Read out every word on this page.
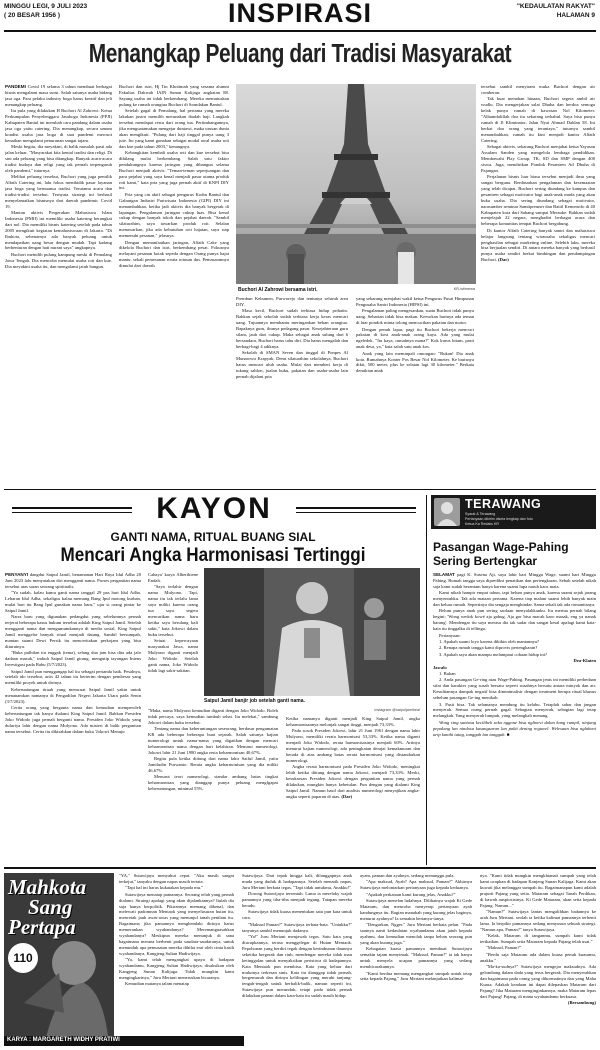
MINGGU LEGI, 9 JULI 2023
( 20 BESAR 1956 )	INSPIRASI	"KEDAULATAN RAKYAT"
HALAMAN 9
Menangkap Peluang dari Tradisi Masyarakat

PANDEMI Covid 19 selama 3 tahun membuat berbagai bisnis mengalami masa surut. Salah satunya usaha bidang jasa oga. Para pelaku industry boga harus kreatif dan jeli menangkap peluang.

Itu pula yang dilakukan H Buchori Al Zahrowi. Ketua Perkumpulan Penyelenggara Jasaboga Indonesia (PPJI) Kabupaten Bantul ini merubah cara pandang dalam usaha jasa oga yaitu catering. Dia menangkap, secara umum kondisi usaha jasa boga di saat pandemi merosot kenaikan mengalami penurunan sangat tajam.

Meski begitu, dia meyakini, di balik masalah pasti ada jalan keluar. "Masyarakat kita kental tradisi dan religi. Di sini ada peluang yang bisa ditangkap. Banyak acara-acara tradisi budaya dan religi yang tak pernah terpengaruh oleh pandemi," tuturnya.

Melihat peluang tersebut, Buchori yang juga pemilik Alfath Catering ini, lalu fokus membidik pasar layanan jasa boga yang bernuansa tradisi. Terutama acara dan tradisi-tradisi tersebut. Ternyata strategi ini berhasil menyelamatkan bisnisnya dari daerah pandemic Covid 19.

Mantan aktivis Pergerakan Mahasiswa Islam Indonesia (PMII) ini memiliki usaha katering berangkat dari nol. Dia memiliki bisnis katering setelah pada tahun 2005 mengikuti kegiatan kemahasiswaan di Jakarta. "Di Ibukota, sebenarnya ada banyak peluang untuk mendapatkan uang besar dengan mudah. Tapi kadang berbenturan dengan hati nurani saya" ungkapnya.

Buchori memilih pulang kampung meski di Pemalang Jawa Tengah. Dia mencoba memulai usaha roti dan kue. Dia meyakini usaha itu, dan mengalami jatuh bangun.

Buchori dan istri, Hj Tin Khotimah yang sesama alumni Fakultas Dakwah IAIN Sunan Kalijaga angkatan 88. Sayang usaha ini tidak berkembang. Mereka memutuskan pulang ke rumah orangtua Buchori di Srandakan Bantul.

Setelah gagal di Pemalang, hal pertama yang mereka lakukan justru memilih merunakan ibadah haji. Langkah tersebut mendapat restu dari orang tua. Pertimbangannya, jika menguatamakan mengejar duniawi, maka urusan dunia akan mengikuti. "Pulang dari haji tinggal punya uang 3 jute. Itu yang kami gunakan sebagai modal awal usaha roti dan kue pada tahun 2003," kenangnya.

Kebangkitan kembali usaha roti dan kue tersebut bisa dibilang mulai berkembang. Salah satu faktor pendukungnya karena jaringan yang dibangun selama Buchori menjadi aktivis. "Teman-teman seperjuangan dan para pejabat yang saya kenal menjadi pasar utama produk roti kami," kata pria yang juga pernah aktif di KNPI DIY ini.

Pria yang cin aktif sebagai pengurus Kodin Bantul dan Gabungan Industri Pariwisata Indonesia (GIPI) DIY ini menambahkan, ketika jadi aktivis dia banyak bergerak di lapangan. Pengalaman jaringan cukup luas. Bisa kenal cukup dengan banyak tokoh dan pejabat daerah. "Sambil silaturahim, saya tawarkan produk roti. Selalan menawarkan, jika ada kebutuhan roti hajatan, saya siap memenuhi pesanan," jelasnya.

Dengan memanfaatkan jaringan, Alfath Cake yang dikelola Buchori dan istri, berkembang pesat. Fokusnya melayani pesanan kotak sepeda dengan Orang punya hajat mantu, sekali pemesanan rorata rotusan dus. Pemasarannya dimulai dari daerah

Buchori Al Zahrowi bersama istri.	KR-istimewa

Prembun Kebumen, Purworejo dan tentunya seluruh area DIY.

Masa kecil, Buchori sudah terbiasa hidup prihatin. Bahkan sejak sekolah sudah terbiasa kerja keras mencari uang. Tujuannya membantu meringankan beban orangtua. Bapaknya guru, ibunya pedagang pasar. Kesejahteraan guru silam, jauh dari cukup. Maka sebagai anak sulung dari 6 bersaudara, Buchori harus tahu diri. Dia harus mengalah dan berbagi-bagi 4 adiknya.

Sekolah di SMAN Seven dan tinggal di Ponpes Al Munawwir Krapyak. Demi silaturahim sekolahnya, Buchori harus mencari uluh usaha. Mulai dari memberi kerja di tukang sablon, jualan buku, pakaian dan usaha-usaha lain pernah dijalani pria

yang sekarang menjabat wakil ketua Pengurus Pusat Himpunan Pengusaha Santri Indonesia (HIPSI) ini.

Pengalaman paling mengesankan, suatu Buchori tidak punya uang. Seharian tidak bisa makan. Keesokan harinya ada teman di luar pondok minta tolong mencucikan pakaian dan motor.

Dengan penuh lapar, pagi itu Buchori bekerja mencuci pakaian di kost anak-anak orang kaya. Ada yang mulai ngeledek. "Itu kaya, rumahnya mana?" Kok kurus hitam, pasti anak desa, ya," kata salah satu anak kos.

Anak yang lain meminpali omongan: "Bukan! Dia anak kota. Rumahnya Konter Pos Besar Nol Kilometer. Ke barisnya dikit, 500 meter, plus ke selatan lagi 30 kilometer." Berkata demikian anak

tersebut sambil menyiram muka Buchori dengan air comberan.

Tak kuat menahan hinaan, Buchori segera ambil air wudlu. Dia mengerjakan salat Dhuha dan berdoa semoga kelak punya rumah di kawasan Nol Kilometer. "Alhamdulillah doa itu sekarang terkabul. Saya bisa punya rumah di Jl Kliminator, Jalan Nyai Ahmad Dahlan 58. Ini berkat doa orang yang teraniaya," tuturnya sambil menambahkan, rumah itu kini menjadi kantor Alfath Catering.

Sebagai aktivis, sekarang Buchori menjabat ketua Yayasan Assalam Sanden yang mengelola lembaga pendidikan. Membawahi Play Group, TK, SD dan SMP dengan 400 siswa. Juga, mendirikan Pondok Pesantren Ad Dhuha di Pajangan.

Perjalanan bisnis luar biasa tersebut menjadi ilmu yang sangat berguna. Berdasarkan pengalaman dan kesemaatan yang telah dicapai, Buchori sering diundang ke kampus dan pesantren sebagai motivator bagi anak-anak muda yang akan buka usaha. Dia sering diundang sebagai motivator, narasumber seminar Samtipreuner dan Baitil Kemenrifo di 40 Kabupaten kota dari Sabang sampai Merauke. Bahkan sudah menjelajah 22 negara, menghadiri berbagai acara dan beberapa komunitas tempat Buchori bergabung.

Di kantor Alfath Catering banyak santri dan mahasiswa belajar langsung tentang wirausaha sekaligus mencari penghasilan sebagai marketing online. Selebih laku, mereka bisa berjualan sendiri. Di antara mereka banyak yang berhasil punya usaha sendiri berkat bimbingan dan pendampingan Buchori. (Dar)

KAYON
GANTI NAMA, RITUAL BUANG SIAL
Mencari Angka Harmonisasi Tertinggi

PENYANYI dangdut Saipul Jamil, benamanan Hari Raya Idul Adha 20 Juni 2023 lalu menyatakan diri mengganti nama. Proses pergantian nama tersebut atas saran seorang spiritualis.

"Ya sudah, kalau kamu ganti nama tanggal 29 pas hari Idul Adha. Lebaran Idul Adha, sekaligus kalau memang Bang Ipul motong kurban, mulai hari itu Bang Ipul gunakan nama baru," ujar si orang pintar ke Saipul Jamil.

Narra baru yang digunakan pedangdut yang sebelumnya pernah terjerat beberapa kasus hukum tersebut adalah King Saipul Jamil. Setelah mengganti nama dan mengumumkannya di media sosial, King Saipul Jamil menggelar banyak ritual menjadi datang. Sambil bersumpah, mantan suami Dewi Persik itu menceritakan perkojam yang bisa diturutnya.

"Buka pulbilan itu enggak (tema), selang dua jam bisa dita ada jalo dadaan masuk," imbuh Saipul Jamil girang, mengutip tayangan Intens Investigasi pada Rabu (5/7/2023).

Saipul Jamil pun menggangap hal itu sebagai pertanda baik. Pesalnya, setelah ido tersebut, artis 42 tahun itu berterim dengan pembesar yang memiliki proyek untuk dirinya.

Keberuntungan tiruah yang memcuat Saipul Jamil yakin untuk menanamkan namanya di Pengadilan Negeri Jakarta Utara pada Senin (3/7/2023).

Cerita orang yang berganta nama dan kemudian memperoleh keberuntungan tak hanya dialami King Saipul Jamil. Bahkan Presiden Joko Widodo juga pernah berganti nama. Presiden Joko Widodo yang duluriya lahir dengan nama Mulyono. Ada misteri di balik pergantian nama tersebut. Cerita itu dikisahkan dalam buku 'Jokowi Menuju

Cahaya' karya Alberthiene Endah.

"Saya terlahir dengan nama Mulyono. Tapi, nama itu tak terlalu lama saya miliki karena orang tua saya segera mencarikan nama baru ketika saya berulang kali sakit," kata Jokowi dalam buku tersebut.

Seiuai kepercayaan masyarakat Jawa, nama Mulyono diganti menjadi Joko Widodo. Setelah ganti nama, Joko Widodo tidak lagi sakit-sakitan.

"Maka, nama Mulyono kemudian diganti dengan Joko Widodo. Boleh tidak percaya, saya kemudian tumbuh sehat. Itu melekat," sambung Jokowi dalam buku tersebut.

Tentang nama dan keberuntungan seseorang, berdasar pengamatan KR ada beberapa beberapa buat sejarah. Salah satunya kajian numerologi untuk nama-nama yang digaitkan dengan mencari keharmonisan nama dengan hari kelahiran. Menurut numerologi, Jokowi lahir 21 Juni 1980 angka resta keharmonisan 40,67%.

Begitu pula ketika diitung dari nama lahir Saiful Jamil, yaitu Jamiludin Purwanto. Rerata angka keharmonisan yang dia miliki 46,67%.

Menurut teori numerologi, standar ambang batas tingkat keharmonisan yang dianggap punya peluang mengfgapai keberuntungan, minimal 55%.

Saipul Jamil banjir job setelah ganti nama.
instagram @saipuljamilreal

Ketika namanya diganti menjadi King Saipul Jamil, angka keharmonisannya melonjak sangat tinggi, menjadi 73,33%.

Pada sosok Presiden Jokowi, lahir 21 Juni 1961 dengan nama lahir Mulyono, memiliki rerata harmonisasi 53,33%. Ketika nama diganti menjadi Joko Widodo, rerata harmonisasinya menjadi 60%. Artinya menurut kajian numerologi, ada peningkatan derajat kemakmuran dan berada di atas ambang batas rerata harmonisasi yang distandarkan numerologi.

Angka rerata harmonisasi pada Presiden Joko Widodo, meningkat lebih ketika diitung dengan nama Jokowi, menjadi 73,33%. Meski, kesuksesan Presiden Jokowi dengan pergantian nama yang pernah dilakukan, mungkin hanya kebetulan. Pun dengan yang dialami King Saipul Jamil. Namun hasil dari analisis numerologi menyajikan angka-angka seperti paparan di atas. (Dar)

TERAWANG
Syarat & Terawang
Pertanyaan dikirim disela lengkap dan foto
Ketua Ka Redaks KR
Pasangan Wage-Pahing Sering Bertengkar

SELAMAT pagi K. Susena Aji, saya lahir hari Minggu Wage, suami hari Minggu Pahing. Rumah tangga saya diprediksi penatikan dan pertengkaran. Sebab setelah nikah saja kami sudah berantam hanya karena suami lupa naruh kaos mata.

Kami nikah hampir empat tahun, tapi belum punya anak, karena suami sejak jarang menyentuhku. Tak ada mataan pertama. Karena tiap malam suami lebih banyak main dan keluar rumah. Sepertinya dia sengaja menghindar. Sama sekali tak ada romantisnya.

Belum punya anak pun sering saolaan menyalahkanku. Itu mertua pernah bilang begini: 'Wong wedok kowé aja gabug. Aja gor bisa macak karo masak, eng ya nanak barang'. Mendengar itu saya merasa dia tak sadar dan sangat kesal apalagi kami kata-kata itu tinggalku di tellinga.

Pertanyaan:

1. Apakah suami loyo karena dibikin oleh mantannya?

2. Renapa rumah tangga kami diprovis pertengkaran?

3. Apakah saya akan mampu melampaui cobaan hidup ini?

Dea-Klaten

Jawab:

1. Bukan

2. Anda pasangan Ge-ring atau Wage-Pahing. Pasangan jenis ini memiliki perbedaan sifat dan karakter yang susah bersatu seperti susahnya bersatu antara minyak dan air. Kesulitannya dampak negatif bisa diminimalisir dengan treatment berupa ritual khusus sebelum pasangan Ge-ing menikah.

3. Pasti bisa. Tak selamanya mendung itu kelabu. Tetaplah sabar dan jangan menyerah. Semua orang pernah gagal. Sebagian menyerah, sebagian lagi tetap melangkah. Yang menyerah lumpuh, yang melangkah menang.

Wong sing santosa kecilthek seka nggone bisa nglinevi dalan kang rumpil, ninjang pepalang lan nindosa kasangsaran lan pakit dening reguwel. Welesaan bisa nglakoni urip kanthi tatag, tanggah lan tangguh. ■

Mahkota
Sang
Pertapa
110
KARYA : MARGARETH WIDHY PRATIWI

"YA," Sutawijaya menyahut cepat. "Aku masih sangat terkejut," tanyaku dengan napas masih tertata.

"Tapi hal ini harus kukatakan kepada mu."

Sutawijaya menatap pamannya. Seorang telah yang pernah dialami. Strategi apalagi yang akan dijalankannya? Itulah dia saja hanya berpolitik. Pikirannya memang dikenal, dan melewati padomnan Mentaok yang menyelusuran hutan itu, mencetak jauh awas-awas yang menunjul tanah penilam itu. Bagaimana jika pamannya menghendaki dirinya harus memerankan wyahandanya? Meremanguasahkan wyahandanya? Meskipun mereka menunjuk di sana bagaimana merana berhenti pada saudara-saudaranya, untuk menunduk apa pemusatan mereka dihilat erat oleh cinta kasih wyahandanya, Kangjeng Sultan Hadiwijaya.

"Ya, kami telah mengangkat upaya di hadapan wyahandamu, Kangjeng Sultan Hadiwijaya, disaksikan oleh Kangjeng Sunan Kalijaga. Tidak mungkin kami mengingkarinya," Juru Mertani meneruskan bicaranya.

Kemudian matanya talam menatap

Sutawijaya. Dari tepak hingga kali, dilanggapnya anak muda yang duduk di hadapannya. Setelah menarik napas, Juru Mertani berkata tegas. "Tapi tidak untukmu, Anakku!"

Dorong Sutawijaya tersentuh. Lama ia merelaky wajah pamannya yang tiba-tiba menjadi tegang. Tatapan mereka beradu.

Sutawijaya tidak kuasa menentukan satu pun kata untuk cara.

"Maksud Paman?" Sutawijaya terbata-bata. "Untukku?" tanyanya sambil menunjuk dadanya.

"Ya!" Juru Mertani menjawab tegas. Satu kata yang diucapkannya, terasa menggelegar di Hutan Mentaok. Pepohonan yang berdiri tegak dengan kerimbunan daunnya seketika bergerak dan riuh, mendengar mereka tidak mau ketinggalan untuk menyaksikan peristiwa di hadapannya. Kata Mentaok pun membisu. Kata yang keluar dari mulutnya terkesan sinis. Kata itu dianggap tidak pernah, bergemuruh dan dirinya kelilingan yang meruhi tanjung-tengah-tengah untuk berbalik-balik, namun seperti ini, Sutawijaya pun merunduk, tetapi pada tidak pernah dilakukan paman dalam kata-kata itu sudah masih hidup.

ayam, paman dan ayahnya, sedang menunggu pula.

"Apa maksud, Ayah? Apa maksud, Paman?" Akhirnya Sutawijaya melontarkan pertanyaan juga kepada keduanya.

"Apakah perkataan kami kurang jelas, Anakku?"

Sutawijaya menelan ludahnya. Dilihatnya wajah Ki Gede Mataram, dan mencoba menyerap pertanyaan ayah kandungnya itu. Bagian manakah yang kurang jelas baginya, menurut ayahnya? Ia semakin bertanya-tanya.

"Dengarkan, Ngger." Juru Mertani berkata pelan. "Pada saatnya nanti kedaulatan wyahandamu akan jatuh kepada ayahmu, dan kemudian menolak tanpa beban seorang pun yang akan kurang juga."

Kebagaian kuasa pamannya membuat Sutawijaya semakin tajam menyimak. "Maksud, Paman?" ia tak hanya untuk menyela ucapan pamannya yang sedang membicarakannya.

"Kami berdua memang mengangkat sumpah untuk tetap setia kepada Pajang," Juru Mertani melanjutkan kalimat-

nya. "Kami tidak mungkin mengkhianati sumpah yang telah kami ucapkan di hadapan Kanjeng Sunan Kalijaga. Kami akan kuwati jika melanggar sumpah itu. Bagaimanapun kami adalah prajurit Pajang yang setia. Mataram sebagai Tanah Perdikan, di bawah auspiosisinya, Ki Gede Mataram, akan setia kepada Pajang. Namun..."

"Namun?" Sutawijaya lantas mengalihkan badannya ke arah Juru Mertani, seolah ia ketika kalimat pamannya terhenti lama. Ia berpikir pamannya sedang menyusun sebuah strategi. "Namun apa, Paman?" tanya Sutawijaya.

"Kelak, Mataram di tanganmu, sumpah kami tidak terikatkan. Sumpah setia Mataram kepada Pajang telah usai."

"Maksud, Paman?"

"Berdu saja Mataram ada dalam kuasa penuh kuasamu, anakku."

"Ma-ka-sudnya?" Sutawijaya mengejar maksudnya. Ada gelombang dalam dada yang terus bergerak. Dia menyerahkan dan bagaimana pada orang yang dihormatinya dan yang Maha Kuasa. Adakah keadaan ini dapat dilepaskan Mataram dari Pajang? Jika Mataram menginginkannya, maka Mataram lepas dari Pajang! Pajang, di mana wyahandamu berkuasa.

(Bersambung)
